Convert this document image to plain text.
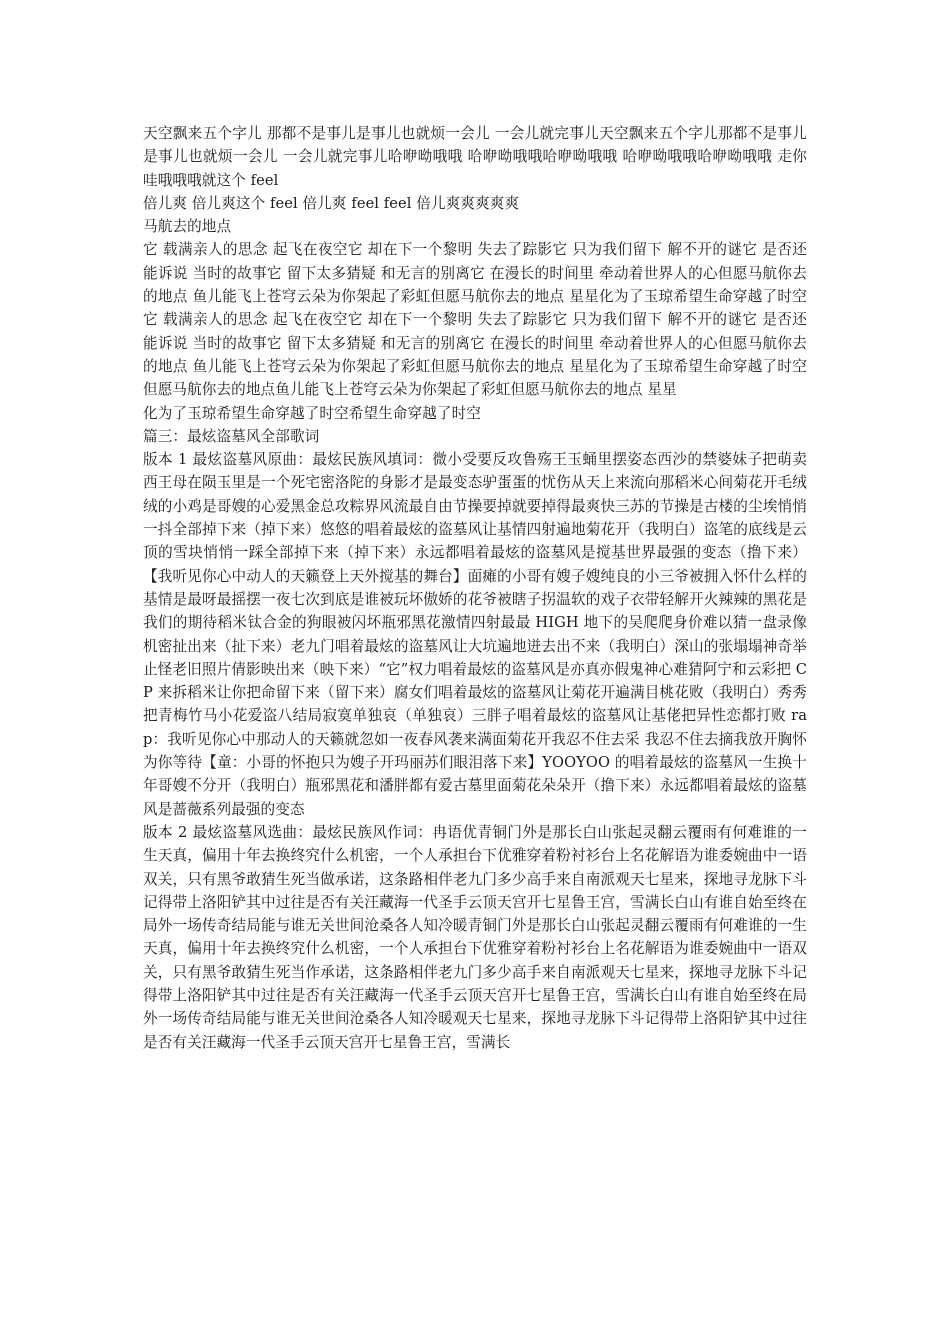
天空飘来五个字儿 那都不是事儿是事儿也就烦一会儿 一会儿就完事儿天空飘来五个字儿那都不是事儿是事儿也就烦一会儿 一会儿就完事儿哈咿呦哦哦 哈咿呦哦哦哈咿呦哦哦 哈咿呦哦哦哈咿呦哦哦 走你 哇哦哦哦就这个 feel

倍儿爽 倍儿爽这个 feel 倍儿爽 feel feel 倍儿爽爽爽爽爽

马航去的地点

它 载满亲人的思念 起飞在夜空它 却在下一个黎明 失去了踪影它 只为我们留下 解不开的谜它 是否还能诉说 当时的故事它 留下太多猜疑 和无言的别离它 在漫长的时间里 牵动着世界人的心但愿马航你去的地点 鱼儿能飞上苍穹云朵为你架起了彩虹但愿马航你去的地点 星星化为了玉琼希望生命穿越了时空它 载满亲人的思念 起飞在夜空它 却在下一个黎明 失去了踪影它 只为我们留下 解不开的谜它 是否还能诉说 当时的故事它 留下太多猜疑 和无言的别离它 在漫长的时间里 牵动着世界人的心但愿马航你去的地点 鱼儿能飞上苍穹云朵为你架起了彩虹但愿马航你去的地点 星星化为了玉琼希望生命穿越了时空但愿马航你去的地点鱼儿能飞上苍穹云朵为你架起了彩虹但愿马航你去的地点 星星

化为了玉琼希望生命穿越了时空希望生命穿越了时空

篇三：最炫盗墓风全部歌词

版本 1 最炫盗墓风原曲：最炫民族风填词：微小受要反攻鲁殇王玉蛹里摆姿态西沙的禁婆妹子把萌卖西王母在陨玉里是一个死宅密洛陀的身影才是最变态驴蛋蛋的忧伤从天上来流向那稻米心间菊花开毛绒绒的小鸡是哥嫂的心爱黑金总攻粽界风流最自由节操要掉就要掉得最爽快三苏的节操是古楼的尘埃悄悄一抖全部掉下来（掉下来）悠悠的唱着最炫的盗墓风让基情四射遍地菊花开（我明白）盗笔的底线是云顶的雪块悄悄一踩全部掉下来（掉下来）永远都唱着最炫的盗墓风是搅基世界最强的变态（撸下来）【我听见你心中动人的天籁登上天外搅基的舞台】面瘫的小哥有嫂子嫂纯良的小三爷被拥入怀什么样的基情是最呀最摇摆一夜七次到底是谁被玩坏傲娇的花爷被瞎子拐温软的戏子衣带轻解开火辣辣的黑花是我们的期待稻米钛合金的狗眼被闪坏瓶邪黑花激情四射最最 HIGH 地下的吴爬爬身价难以猜一盘录像机密扯出来（扯下来）老九门唱着最炫的盗墓风让大坑遍地迸去出不来（我明白）深山的张塌塌神奇举止怪老旧照片倩影映出来（映下来）“它”权力唱着最炫的盗墓风是亦真亦假鬼神心难猜阿宁和云彩把 CP 来拆稻米让你把命留下来（留下来）腐女们唱着最炫的盗墓风让菊花开遍满目桃花败（我明白）秀秀把青梅竹马小花爱盗八结局寂寞单独哀（单独哀）三胖子唱着最炫的盗墓风让基佬把异性恋都打败 rap：我听见你心中那动人的天籁就忽如一夜春风袭来满面菊花开我忍不住去采 我忍不住去摘我放开胸怀为你等待【童：小哥的怀抱只为嫂子开玛丽苏们眼泪落下来】YOOYOO 的唱着最炫的盗墓风一生换十年哥嫂不分开（我明白）瓶邪黑花和潘胖都有爱古墓里面菊花朵朵开（撸下来）永远都唱着最炫的盗墓风是蔷薇系列最强的变态

版本 2 最炫盗墓风选曲：最炫民族风作词：冉语优青铜门外是那长白山张起灵翻云覆雨有何难谁的一生天真，偏用十年去换终究什么机密，一个人承担台下优雅穿着粉衬衫台上名花解语为谁委婉曲中一语双关，只有黑爷敢猜生死当做承诺，这条路相伴老九门多少高手来自南派观天七星来，探地寻龙脉下斗记得带上洛阳铲其中过往是否有关汪藏海一代圣手云顶天宫开七星鲁王宫，雪满长白山有谁自始至终在局外一场传奇结局能与谁无关世间沧桑各人知冷暖青铜门外是那长白山张起灵翻云覆雨有何难谁的一生天真，偏用十年去换终究什么机密，一个人承担台下优雅穿着粉衬衫台上名花解语为谁委婉曲中一语双关，只有黑爷敢猜生死当作承诺，这条路相伴老九门多少高手来自南派观天七星来，探地寻龙脉下斗记得带上洛阳铲其中过往是否有关汪藏海一代圣手云顶天宫开七星鲁王宫，雪满长白山有谁自始至终在局外一场传奇结局能与谁无关世间沧桑各人知冷暖观天七星来，探地寻龙脉下斗记得带上洛阳铲其中过往是否有关汪藏海一代圣手云顶天宫开七星鲁王宫，雪满长
